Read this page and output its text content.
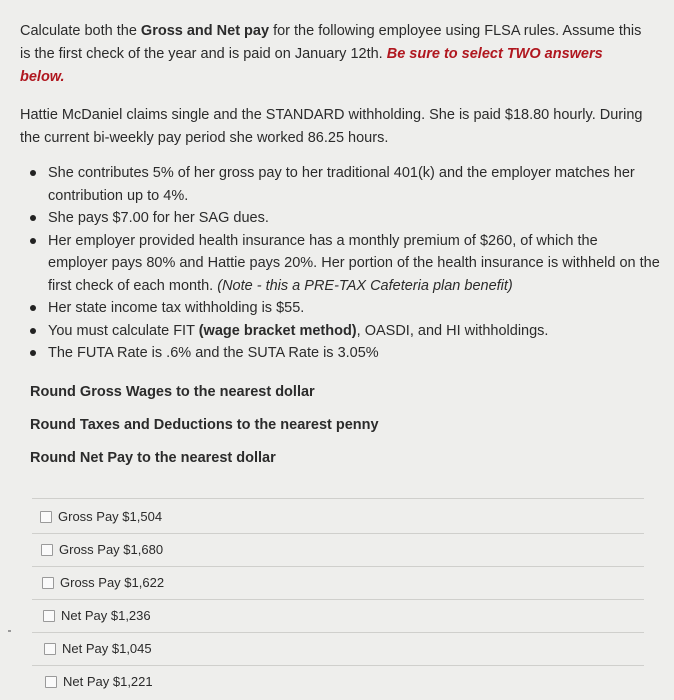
Calculate both the Gross and Net pay for the following employee using FLSA rules. Assume this is the first check of the year and is paid on January 12th. Be sure to select TWO answers below.
Hattie McDaniel claims single and the STANDARD withholding. She is paid $18.80 hourly. During the current bi-weekly pay period she worked 86.25 hours.
She contributes 5% of her gross pay to her traditional 401(k) and the employer matches her contribution up to 4%.
She pays $7.00 for her SAG dues.
Her employer provided health insurance has a monthly premium of $260, of which the employer pays 80% and Hattie pays 20%. Her portion of the health insurance is withheld on the first check of each month. (Note - this a PRE-TAX Cafeteria plan benefit)
Her state income tax withholding is $55.
You must calculate FIT (wage bracket method), OASDI, and HI withholdings.
The FUTA Rate is .6% and the SUTA Rate is 3.05%
Round Gross Wages to the nearest dollar
Round Taxes and Deductions to the nearest penny
Round Net Pay to the nearest dollar
Gross Pay $1,504
Gross Pay $1,680
Gross Pay $1,622
Net Pay $1,236
Net Pay $1,045
Net Pay $1,221
